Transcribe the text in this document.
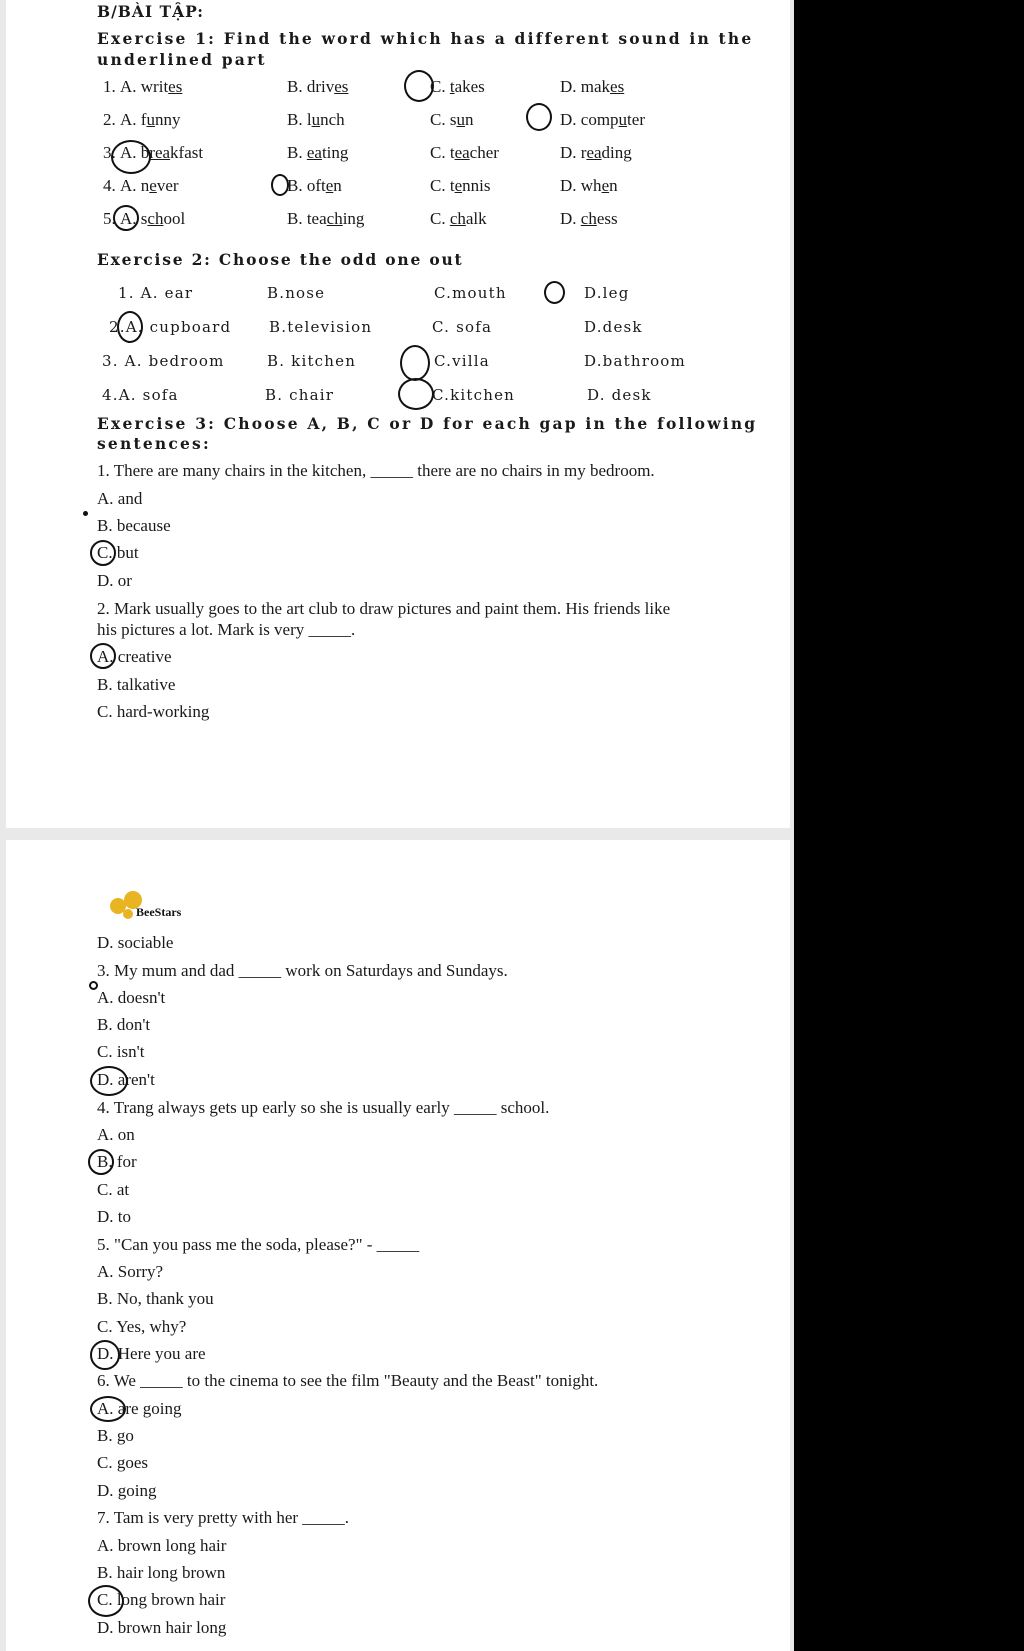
B/BÀI TẬP:
Exercise 1: Find the word which has a different sound in the
underlined part
1. A. writes	B. drives	C. takes	D. makes
2. A. funny	B. lunch	C. sun	D. computer
3. A. breakfast	B. eating	C. teacher	D. reading
4. A. never	B. often	C. tennis	D. when
5. A. school	B. teaching	C. chalk	D. chess
Exercise 2: Choose the odd one out
1. A. ear	B.nose	C.mouth	D.leg
2.A. cupboard	B.television	C. sofa	D.desk
3. A. bedroom	B. kitchen	C.villa	D.bathroom
4.A. sofa	B. chair	C.kitchen	D. desk
Exercise 3: Choose A, B, C or D for each gap in the following
sentences:
1. There are many chairs in the kitchen, _____ there are no chairs in my bedroom.
A. and
B. because
C. but
D. or
2. Mark usually goes to the art club to draw pictures and paint them. His friends like
his pictures a lot. Mark is very _____.
A. creative
B. talkative
C. hard-working
BeeStars
D. sociable
3. My mum and dad _____ work on Saturdays and Sundays.
A. doesn't
B. don't
C. isn't
D. aren't
4. Trang always gets up early so she is usually early _____ school.
A. on
B. for
C. at
D. to
5. "Can you pass me the soda, please?" - _____
A. Sorry?
B. No, thank you
C. Yes, why?
D. Here you are
6. We _____ to the cinema to see the film "Beauty and the Beast" tonight.
A. are going
B. go
C. goes
D. going
7. Tam is very pretty with her _____.
A. brown long hair
B. hair long brown
C. long brown hair
D. brown hair long
